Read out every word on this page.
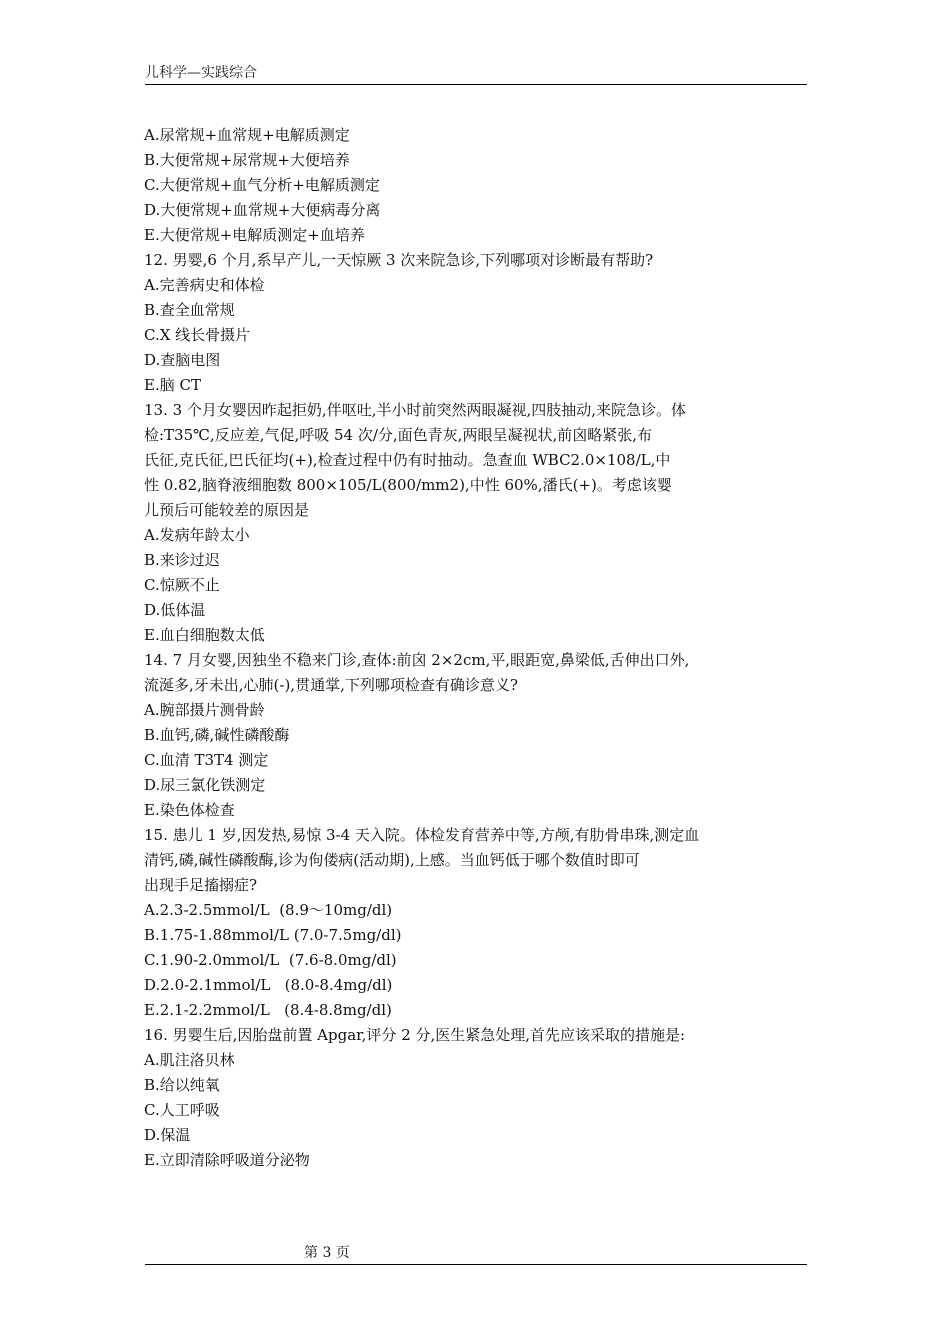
儿科学—实践综合
A.尿常规+血常规+电解质测定
B.大便常规+尿常规+大便培养
C.大便常规+血气分析+电解质测定
D.大便常规+血常规+大便病毒分离
E.大便常规+电解质测定+血培养
12. 男婴,6 个月,系早产儿,一天惊厥 3 次来院急诊,下列哪项对诊断最有帮助?
A.完善病史和体检
B.查全血常规
C.X 线长骨摄片
D.查脑电图
E.脑 CT
13. 3 个月女婴因昨起拒奶,伴呕吐,半小时前突然两眼凝视,四肢抽动,来院急诊。体
检:T35℃,反应差,气促,呼吸 54 次/分,面色青灰,两眼呈凝视状,前囟略紧张,布
氏征,克氏征,巴氏征均(+),检查过程中仍有时抽动。急查血 WBC2.0×108/L,中
性 0.82,脑脊液细胞数 800×105/L(800/mm2),中性 60%,潘氏(+)。考虑该婴
儿预后可能较差的原因是
A.发病年龄太小
B.来诊过迟
C.惊厥不止
D.低体温
E.血白细胞数太低
14. 7 月女婴,因独坐不稳来门诊,查体:前囟 2×2cm,平,眼距宽,鼻梁低,舌伸出口外,
流涎多,牙未出,心肺(-),贯通掌,下列哪项检查有确诊意义?
A.腕部摄片测骨龄
B.血钙,磷,碱性磷酸酶
C.血清 T3T4 测定
D.尿三氯化铁测定
E.染色体检查
15. 患儿 1 岁,因发热,易惊 3-4 天入院。体检发育营养中等,方颅,有肋骨串珠,测定血
清钙,磷,碱性磷酸酶,诊为佝偻病(活动期),上感。当血钙低于哪个数值时即可
出现手足搐搦症?
A.2.3-2.5mmol/L  (8.9～10mg/dl)
B.1.75-1.88mmol/L (7.0-7.5mg/dl)
C.1.90-2.0mmol/L  (7.6-8.0mg/dl)
D.2.0-2.1mmol/L   (8.0-8.4mg/dl)
E.2.1-2.2mmol/L   (8.4-8.8mg/dl)
16. 男婴生后,因胎盘前置 Apgar,评分 2 分,医生紧急处理,首先应该采取的措施是:
A.肌注洛贝林
B.给以纯氧
C.人工呼吸
D.保温
E.立即清除呼吸道分泌物
第 3 页
